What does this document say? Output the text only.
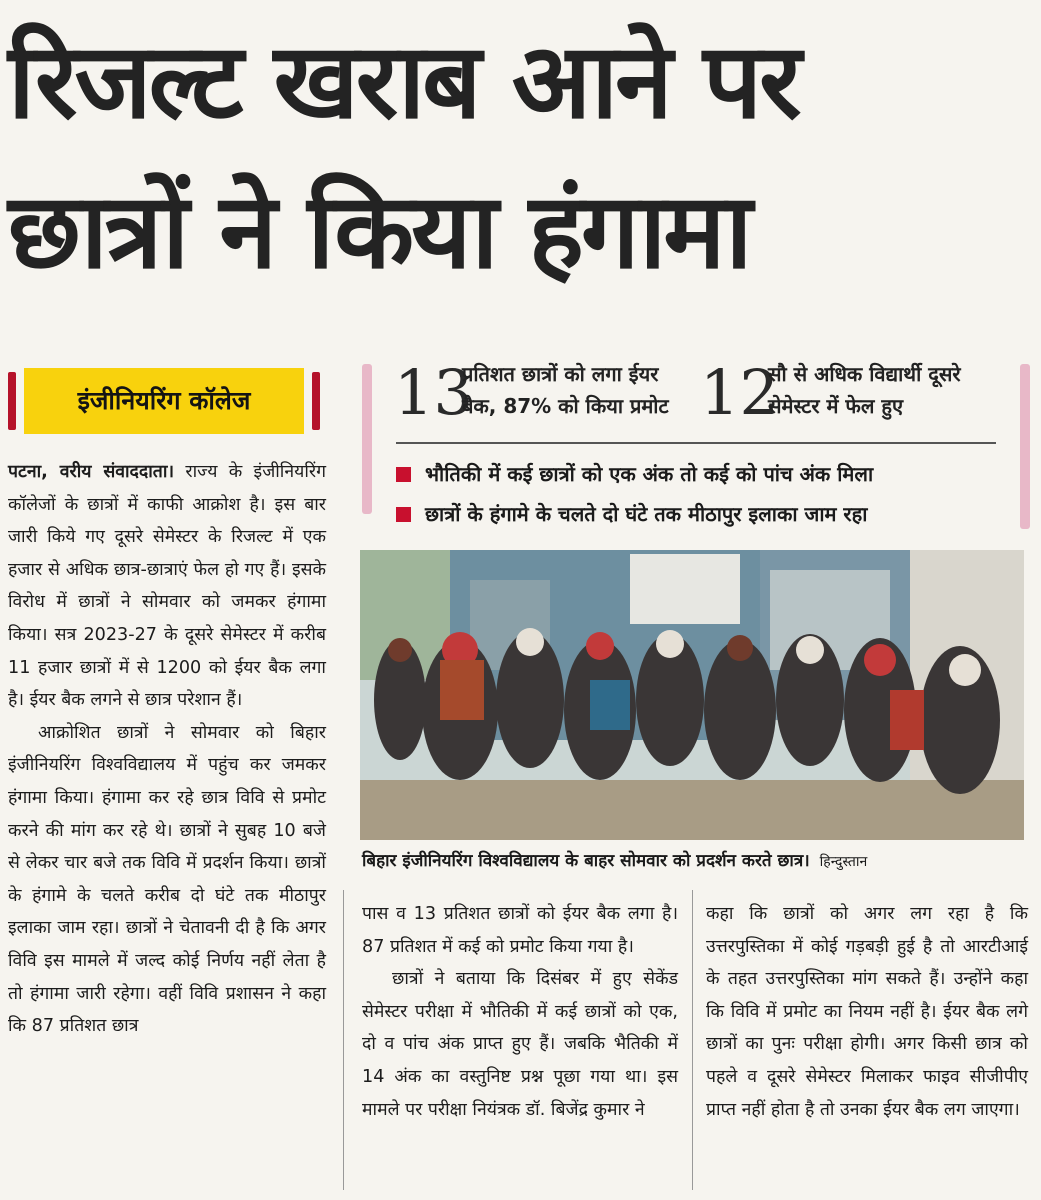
रिजल्ट खराब आने पर
छात्रों ने किया हंगामा
इंजीनियरिंग कॉलेज	13
प्रतिशत छात्रों को लगा ईयर
बैक, 87% को किया प्रमोट 12
सौ से अधिक विद्यार्थी दूसरे
सेमेस्टर में फेल हुए
भौतिकी में कई छात्रों को एक अंक तो कई को पांच अंक मिला
छात्रों के हंगामे के चलते दो घंटे तक मीठापुर इलाका जाम रहा
बिहार इंजीनियरिंग विश्वविद्यालय के बाहर सोमवार को प्रदर्शन करते छात्र। हिन्दुस्तान

पटना, वरीय संवाददाता। राज्य के इंजीनियरिंग कॉलेजों के छात्रों में काफी आक्रोश है। इस बार जारी किये गए दूसरे सेमेस्टर के रिजल्ट में एक हजार से अधिक छात्र-छात्राएं फेल हो गए हैं। इसके विरोध में छात्रों ने सोमवार को जमकर हंगामा किया। सत्र 2023-27 के दूसरे सेमेस्टर में करीब 11 हजार छात्रों में से 1200 को ईयर बैक लगा है। ईयर बैक लगने से छात्र परेशान हैं।

आक्रोशित छात्रों ने सोमवार को बिहार इंजीनियरिंग विश्वविद्यालय में पहुंच कर जमकर हंगामा किया। हंगामा कर रहे छात्र विवि से प्रमोट करने की मांग कर रहे थे। छात्रों ने सुबह 10 बजे से लेकर चार बजे तक विवि में प्रदर्शन किया। छात्रों के हंगामे के चलते करीब दो घंटे तक मीठापुर इलाका जाम रहा। छात्रों ने चेतावनी दी है कि अगर विवि इस मामले में जल्द कोई निर्णय नहीं लेता है तो हंगामा जारी रहेगा। वहीं विवि प्रशासन ने कहा कि 87 प्रतिशत छात्र

पास व 13 प्रतिशत छात्रों को ईयर बैक लगा है। 87 प्रतिशत में कई को प्रमोट किया गया है।

छात्रों ने बताया कि दिसंबर में हुए सेकेंड सेमेस्टर परीक्षा में भौतिकी में कई छात्रों को एक, दो व पांच अंक प्राप्त हुए हैं। जबकि भैतिकी में 14 अंक का वस्तुनिष्ट प्रश्न पूछा गया था। इस मामले पर परीक्षा नियंत्रक डॉ. बिजेंद्र कुमार ने

कहा कि छात्रों को अगर लग रहा है कि उत्तरपुस्तिका में कोई गड़बड़ी हुई है तो आरटीआई के तहत उत्तरपुस्तिका मांग सकते हैं। उन्होंने कहा कि विवि में प्रमोट का नियम नहीं है। ईयर बैक लगे छात्रों का पुनः परीक्षा होगी। अगर किसी छात्र को पहले व दूसरे सेमेस्टर मिलाकर फाइव सीजीपीए प्राप्त नहीं होता है तो उनका ईयर बैक लग जाएगा।
